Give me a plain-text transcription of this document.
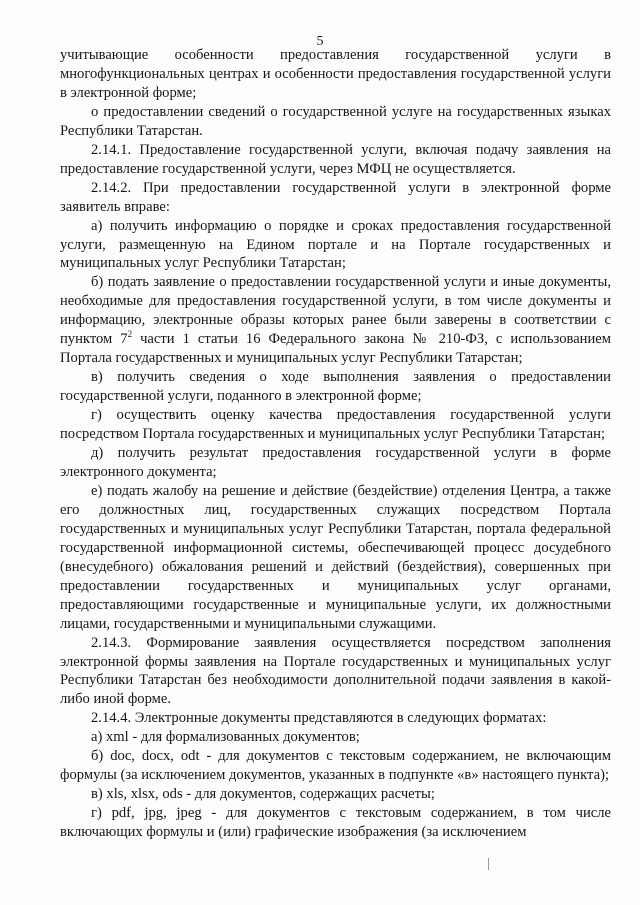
5

учитывающие особенности предоставления государственной услуги в многофункциональных центрах и особенности предоставления государственной услуги в электронной форме;

о предоставлении сведений о государственной услуге на государственных языках Республики Татарстан.

2.14.1. Предоставление государственной услуги, включая подачу заявления на предоставление государственной услуги, через МФЦ не осуществляется.

2.14.2. При предоставлении государственной услуги в электронной форме заявитель вправе:

а) получить информацию о порядке и сроках предоставления государственной услуги, размещенную на Едином портале и на Портале государственных и муниципальных услуг Республики Татарстан;

б) подать заявление о предоставлении государственной услуги и иные документы, необходимые для предоставления государственной услуги, в том числе документы и информацию, электронные образы которых ранее были заверены в соответствии с пунктом $7^2$ части 1 статьи 16 Федерального закона № 210-ФЗ, с использованием Портала государственных и муниципальных услуг Республики Татарстан;

в) получить сведения о ходе выполнения заявления о предоставлении государственной услуги, поданного в электронной форме;

г) осуществить оценку качества предоставления государственной услуги посредством Портала государственных и муниципальных услуг Республики Татарстан;

д) получить результат предоставления государственной услуги в форме электронного документа;

е) подать жалобу на решение и действие (бездействие) отделения Центра, а также его должностных лиц, государственных служащих посредством Портала государственных и муниципальных услуг Республики Татарстан, портала федеральной государственной информационной системы, обеспечивающей процесс досудебного (внесудебного) обжалования решений и действий (бездействия), совершенных при предоставлении государственных и муниципальных услуг органами, предоставляющими государственные и муниципальные услуги, их должностными лицами, государственными и муниципальными служащими.

2.14.3. Формирование заявления осуществляется посредством заполнения электронной формы заявления на Портале государственных и муниципальных услуг Республики Татарстан без необходимости дополнительной подачи заявления в какой-либо иной форме.

2.14.4. Электронные документы представляются в следующих форматах:

а) xml - для формализованных документов;

б) doc, docx, odt - для документов с текстовым содержанием, не включающим формулы (за исключением документов, указанных в подпункте «в» настоящего пункта);

в) xls, xlsx, ods - для документов, содержащих расчеты;

г) pdf, jpg, jpeg - для документов с текстовым содержанием, в том числе включающих формулы и (или) графические изображения (за исключением
